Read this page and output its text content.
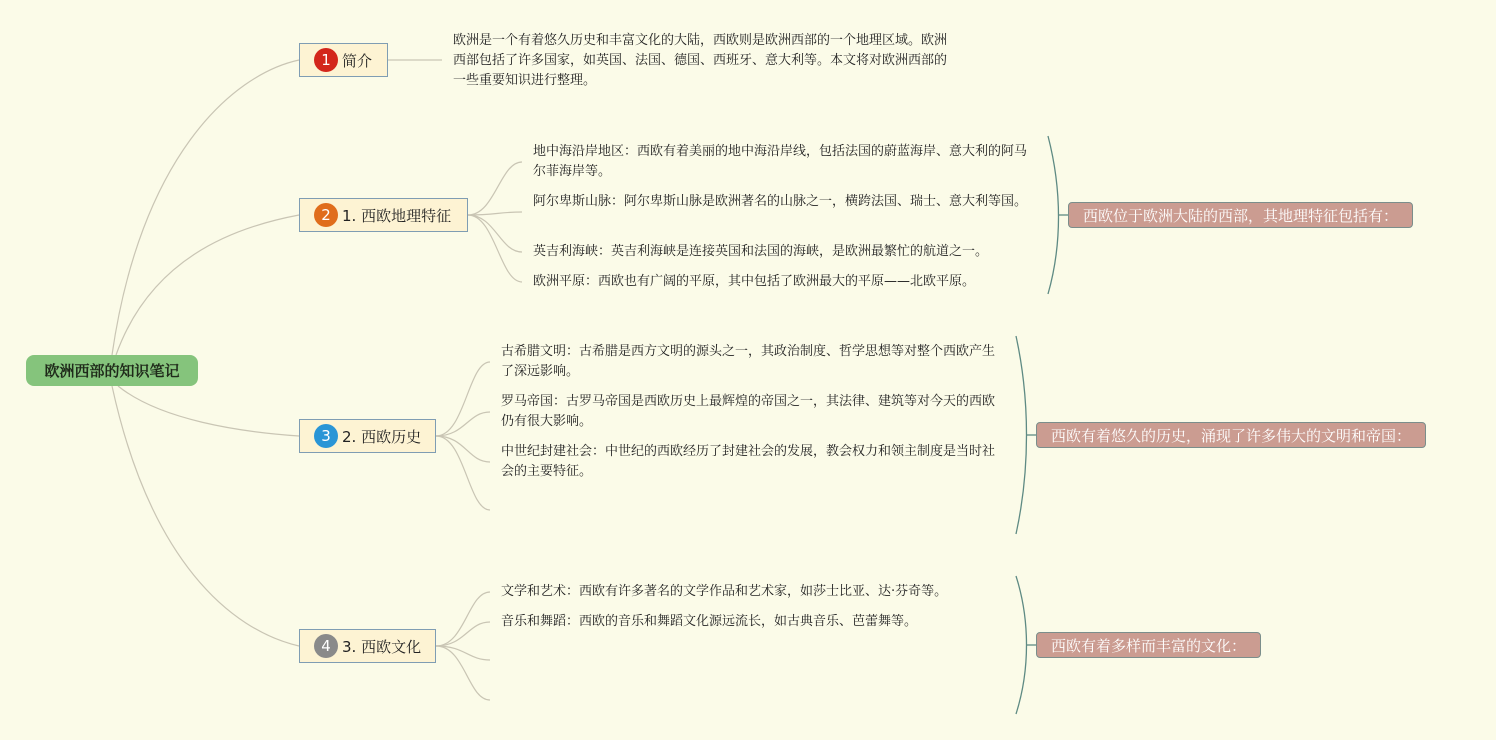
欧洲西部的知识笔记
1 简介
欧洲是一个有着悠久历史和丰富文化的大陆，西欧则是欧洲西部的一个地理区域。欧洲西部包括了许多国家，如英国、法国、德国、西班牙、意大利等。本文将对欧洲西部的一些重要知识进行整理。
2 1. 西欧地理特征
地中海沿岸地区：西欧有着美丽的地中海沿岸线，包括法国的蔚蓝海岸、意大利的阿马尔菲海岸等。
阿尔卑斯山脉：阿尔卑斯山脉是欧洲著名的山脉之一，横跨法国、瑞士、意大利等国。
英吉利海峡：英吉利海峡是连接英国和法国的海峡，是欧洲最繁忙的航道之一。
欧洲平原：西欧也有广阔的平原，其中包括了欧洲最大的平原——北欧平原。
西欧位于欧洲大陆的西部，其地理特征包括有：
3 2. 西欧历史
古希腊文明：古希腊是西方文明的源头之一，其政治制度、哲学思想等对整个西欧产生了深远影响。
罗马帝国：古罗马帝国是西欧历史上最辉煌的帝国之一，其法律、建筑等对今天的西欧仍有很大影响。
中世纪封建社会：中世纪的西欧经历了封建社会的发展，教会权力和领主制度是当时社会的主要特征。
西欧有着悠久的历史，涌现了许多伟大的文明和帝国：
4 3. 西欧文化
文学和艺术：西欧有许多著名的文学作品和艺术家，如莎士比亚、达·芬奇等。
音乐和舞蹈：西欧的音乐和舞蹈文化源远流长，如古典音乐、芭蕾舞等。
西欧有着多样而丰富的文化：
